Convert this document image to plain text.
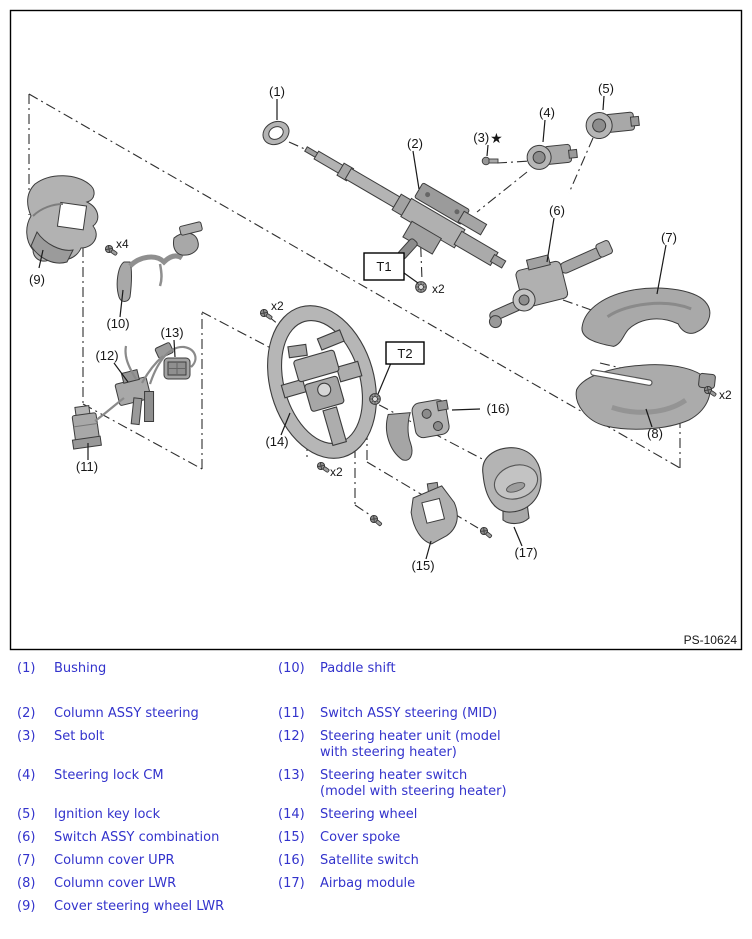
(1)
(2)	(3)★
(4)
(5)
(6)
(7)
(8)
(9)
(10)
(11)
(12)
(13)
(14)
(15)
(16)
(17)
T1
T2
x4
x2
x2
x2
x2
PS-10624
(1)	Bushing	(10)	Paddle shift
(2)	Column ASSY steering	(11)	Switch ASSY steering (MID)
(3)	Set bolt	(12)	Steering heater unit (model
with steering heater)
(4)	Steering lock CM	(13)	Steering heater switch
(model with steering heater)
(5)	Ignition key lock	(14)	Steering wheel
(6)	Switch ASSY combination	(15)	Cover spoke
(7)	Column cover UPR	(16)	Satellite switch
(8)	Column cover LWR	(17)	Airbag module
(9)	Cover steering wheel LWR
